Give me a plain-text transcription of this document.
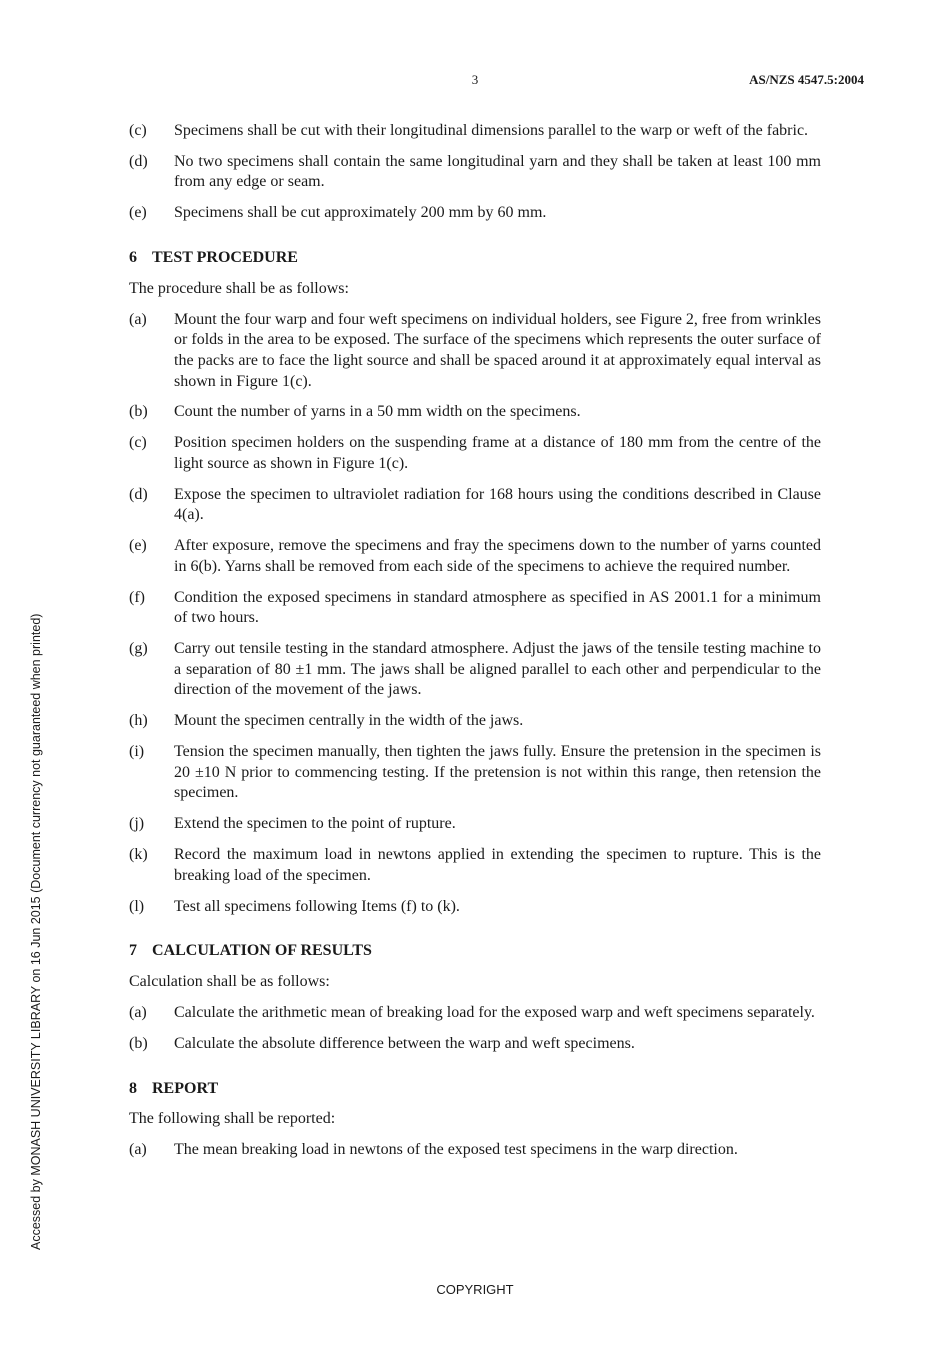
3	AS/NZS 4547.5:2004
Accessed by MONASH UNIVERSITY LIBRARY on 16 Jun 2015 (Document currency not guaranteed when printed)
(c)	Specimens shall be cut with their longitudinal dimensions parallel to the warp or weft of the fabric.
(d)	No two specimens shall contain the same longitudinal yarn and they shall be taken at least 100 mm from any edge or seam.
(e)	Specimens shall be cut approximately 200 mm by 60 mm.
6 TEST PROCEDURE
The procedure shall be as follows:
(a)	Mount the four warp and four weft specimens on individual holders, see Figure 2, free from wrinkles or folds in the area to be exposed. The surface of the specimens which represents the outer surface of the packs are to face the light source and shall be spaced around it at approximately equal interval as shown in Figure 1(c).
(b)	Count the number of yarns in a 50 mm width on the specimens.
(c)	Position specimen holders on the suspending frame at a distance of 180 mm from the centre of the light source as shown in Figure 1(c).
(d)	Expose the specimen to ultraviolet radiation for 168 hours using the conditions described in Clause 4(a).
(e)	After exposure, remove the specimens and fray the specimens down to the number of yarns counted in 6(b). Yarns shall be removed from each side of the specimens to achieve the required number.
(f)	Condition the exposed specimens in standard atmosphere as specified in AS 2001.1 for a minimum of two hours.
(g)	Carry out tensile testing in the standard atmosphere. Adjust the jaws of the tensile testing machine to a separation of 80 ±1 mm. The jaws shall be aligned parallel to each other and perpendicular to the direction of the movement of the jaws.
(h)	Mount the specimen centrally in the width of the jaws.
(i)	Tension the specimen manually, then tighten the jaws fully. Ensure the pretension in the specimen is 20 ±10 N prior to commencing testing. If the pretension is not within this range, then retension the specimen.
(j)	Extend the specimen to the point of rupture.
(k)	Record the maximum load in newtons applied in extending the specimen to rupture. This is the breaking load of the specimen.
(l)	Test all specimens following Items (f) to (k).
7 CALCULATION OF RESULTS
Calculation shall be as follows:
(a)	Calculate the arithmetic mean of breaking load for the exposed warp and weft specimens separately.
(b)	Calculate the absolute difference between the warp and weft specimens.
8 REPORT
The following shall be reported:
(a)	The mean breaking load in newtons of the exposed test specimens in the warp direction.
COPYRIGHT
